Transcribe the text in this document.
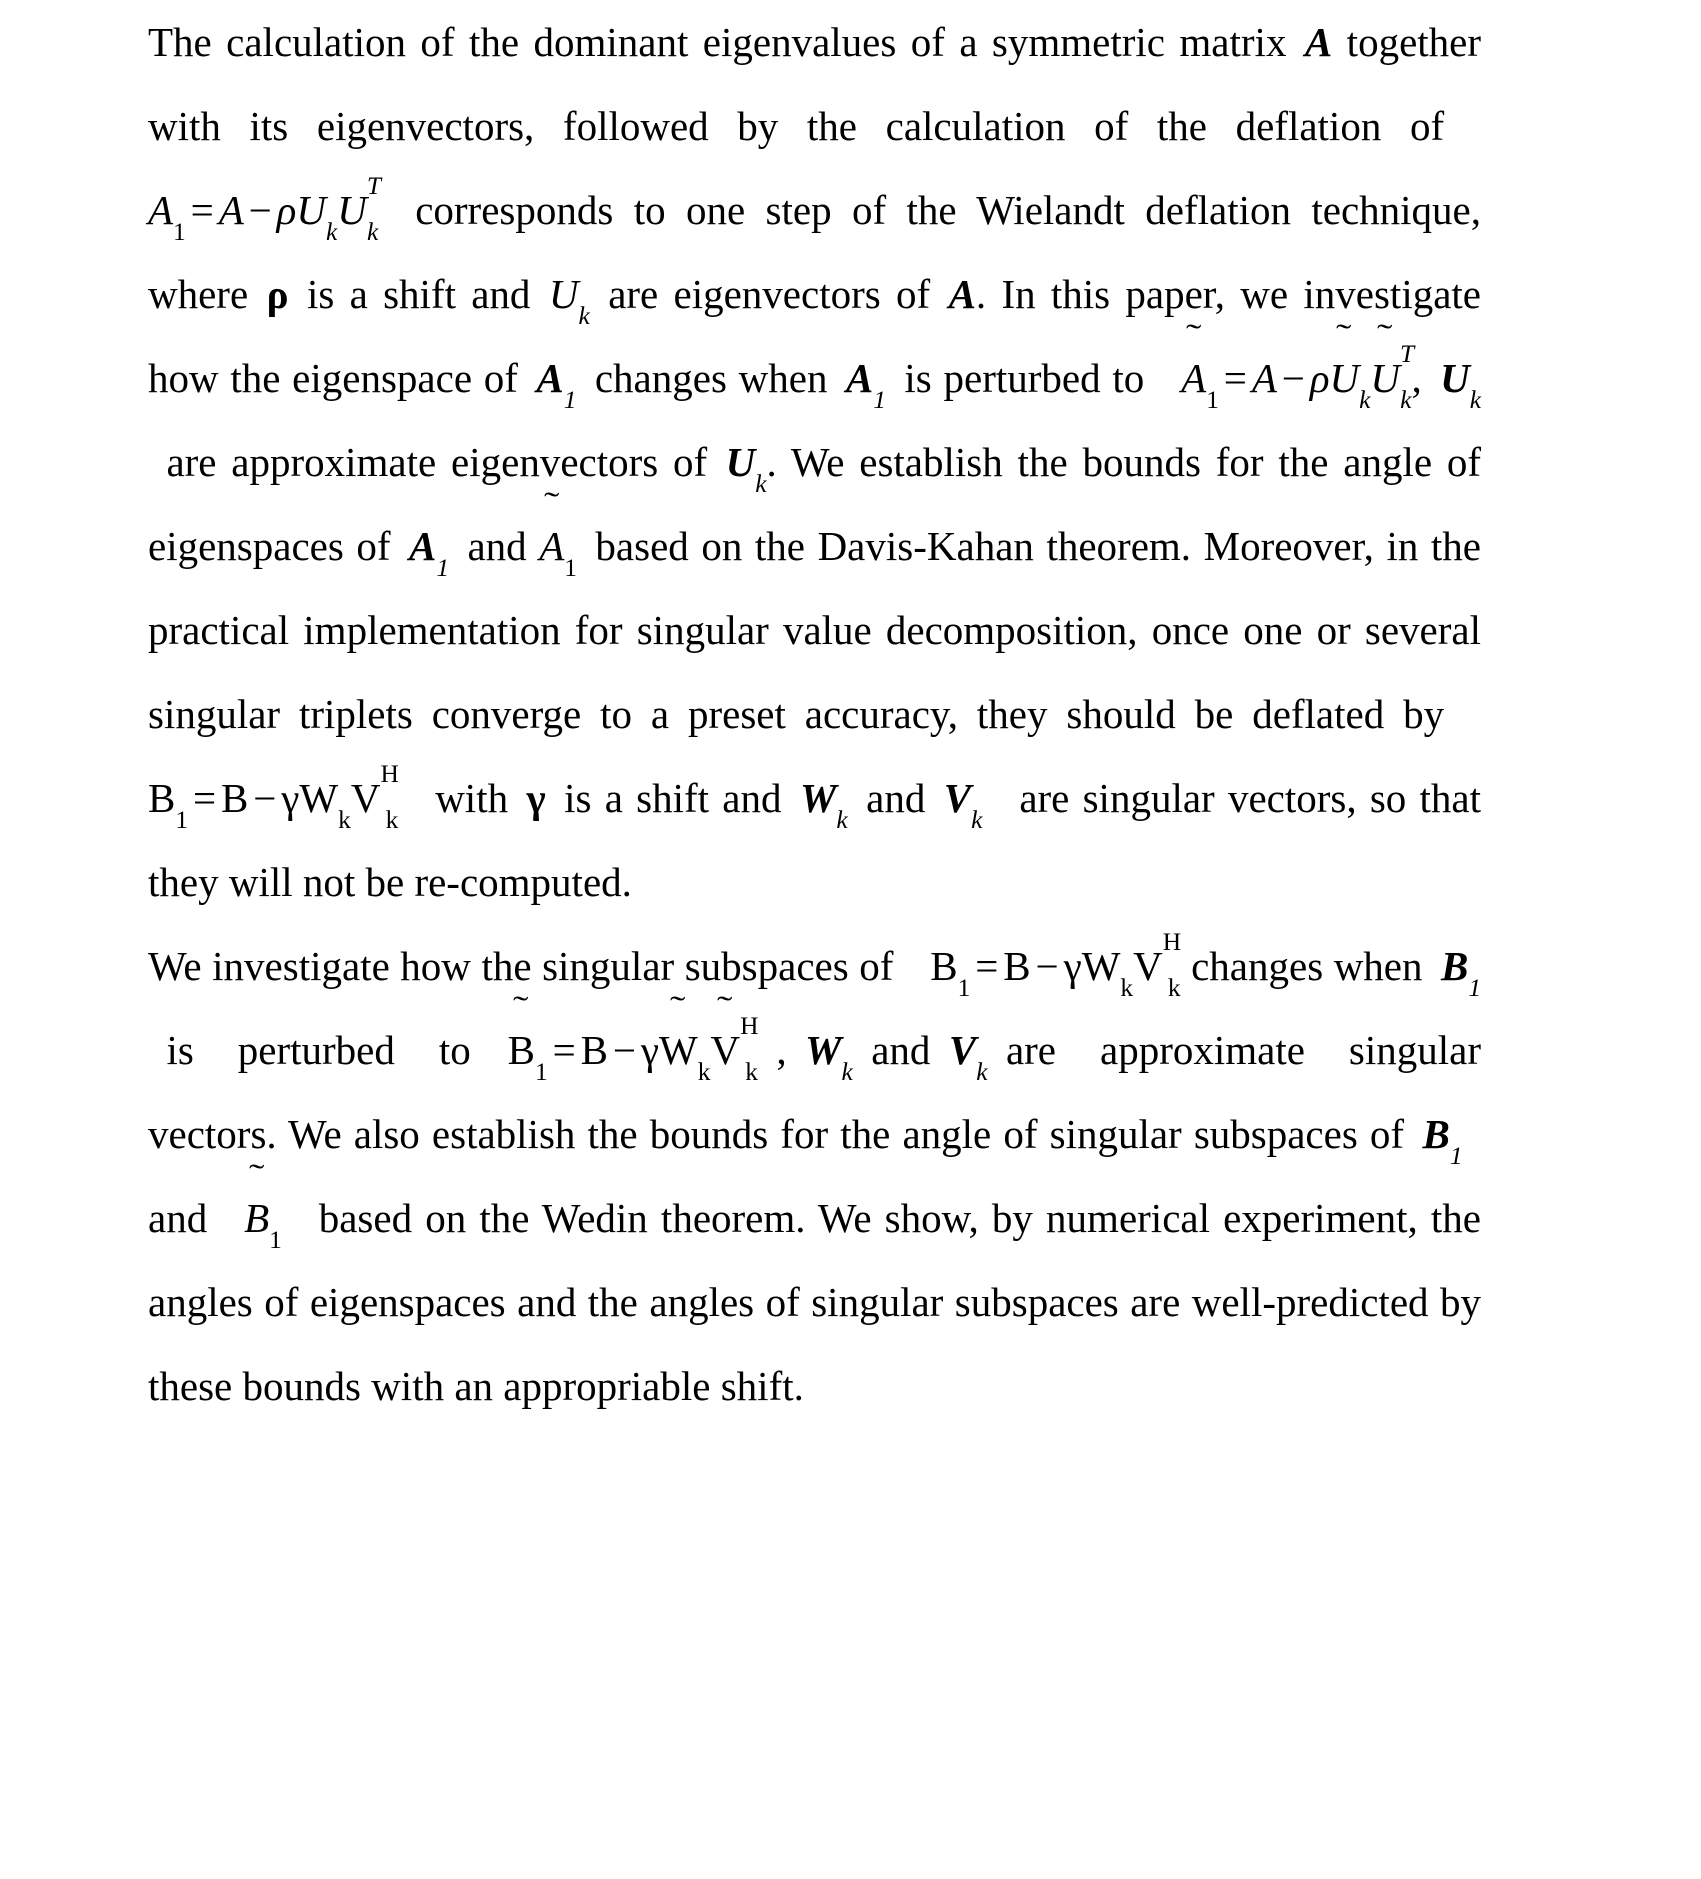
The calculation of the dominant eigenvalues of a symmetric matrix A together with its eigenvectors, followed by the calculation of the deflation $ofA_1 = A - \rho U_kU^T_k$ corresponds to one step of the Wielandt deflation technique, where ρ is a shift and $U_k$ are eigenvectors of A. In this paper, we investigate how the eigenspace of $A_1$ changes when $A_1$ is perturbed to A
˜
$_1$ = A − ρU
˜
$_k$U
˜
$^T_k$, $U_kare$ approximate eigenvectors of $U_k$. We establish the bounds for the angle of eigenspaces of $A_1$ and A
˜
$_1$ based on the Davis-Kahan theorem. Moreover, in the practical implementation for singular value decomposition, once one or several singular triplets converge to a preset accuracy, they should be deflated $byB_1 = B - \gamma W_kV^H_k$ with γ is a shift and $W_k$ and $V_k$ are singular vectors, so that they will not be re-computed.

We investigate how the singular subspaces of $B_1 = B - \gamma W_kV^H_k$ changes when $B_1is$ perturbed to B
˜
$_1$ = B − γW
˜
$_k$V
˜
$^H_k$ , $W_k$ and $V_k$ are approximate singular vectors. We also establish the bounds for the angle of singular subspaces of $B_1and$ B
˜
$_1$ based on the Wedin theorem. We show, by numerical experiment, the angles of eigenspaces and the angles of singular subspaces are well-predicted by these bounds with an appropriable shift.
